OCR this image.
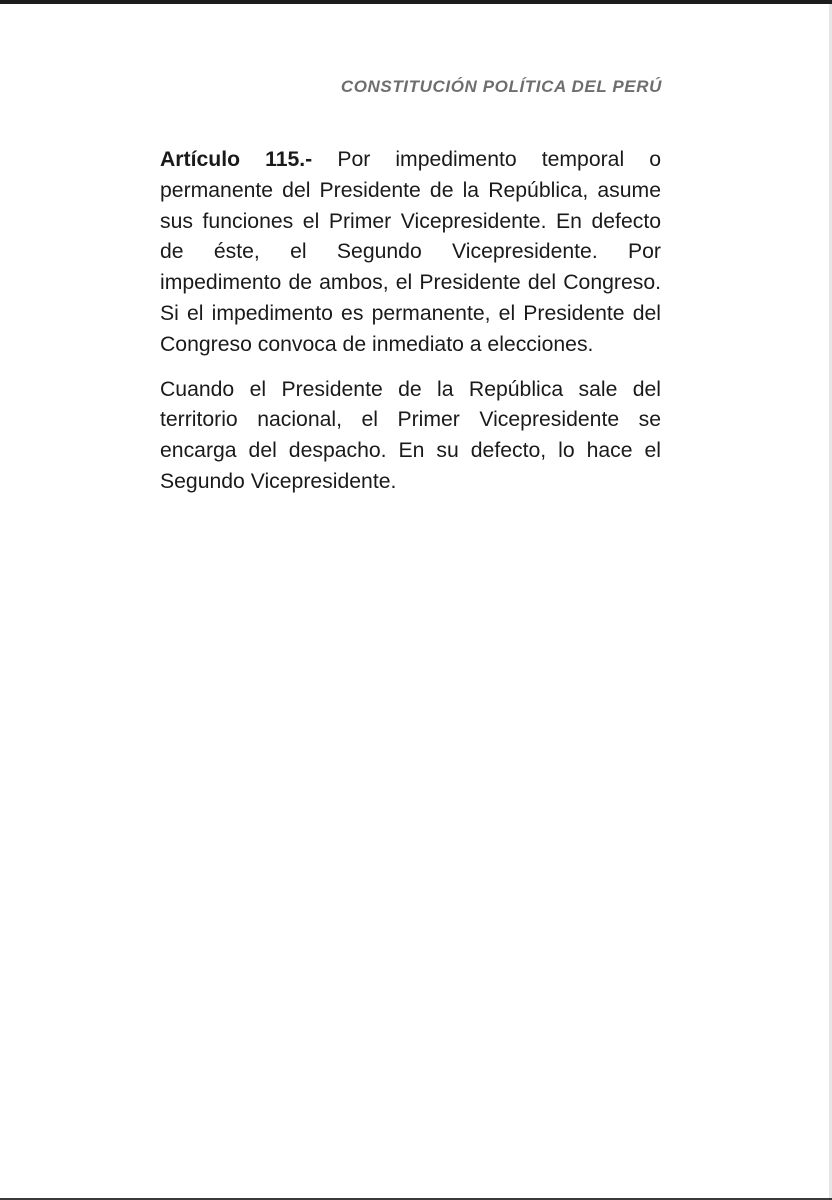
CONSTITUCIÓN POLÍTICA DEL PERÚ

Artículo 115.- Por impedimento temporal o permanente del Presidente de la República, asume sus funciones el Primer Vicepresidente. En defecto de éste, el Segundo Vicepresidente. Por impedimento de ambos, el Presidente del Congreso. Si el impedimento es permanente, el Presidente del Congreso convoca de inmediato a elecciones.

Cuando el Presidente de la República sale del territorio nacional, el Primer Vicepresidente se encarga del despacho. En su defecto, lo hace el Segundo Vicepresidente.
